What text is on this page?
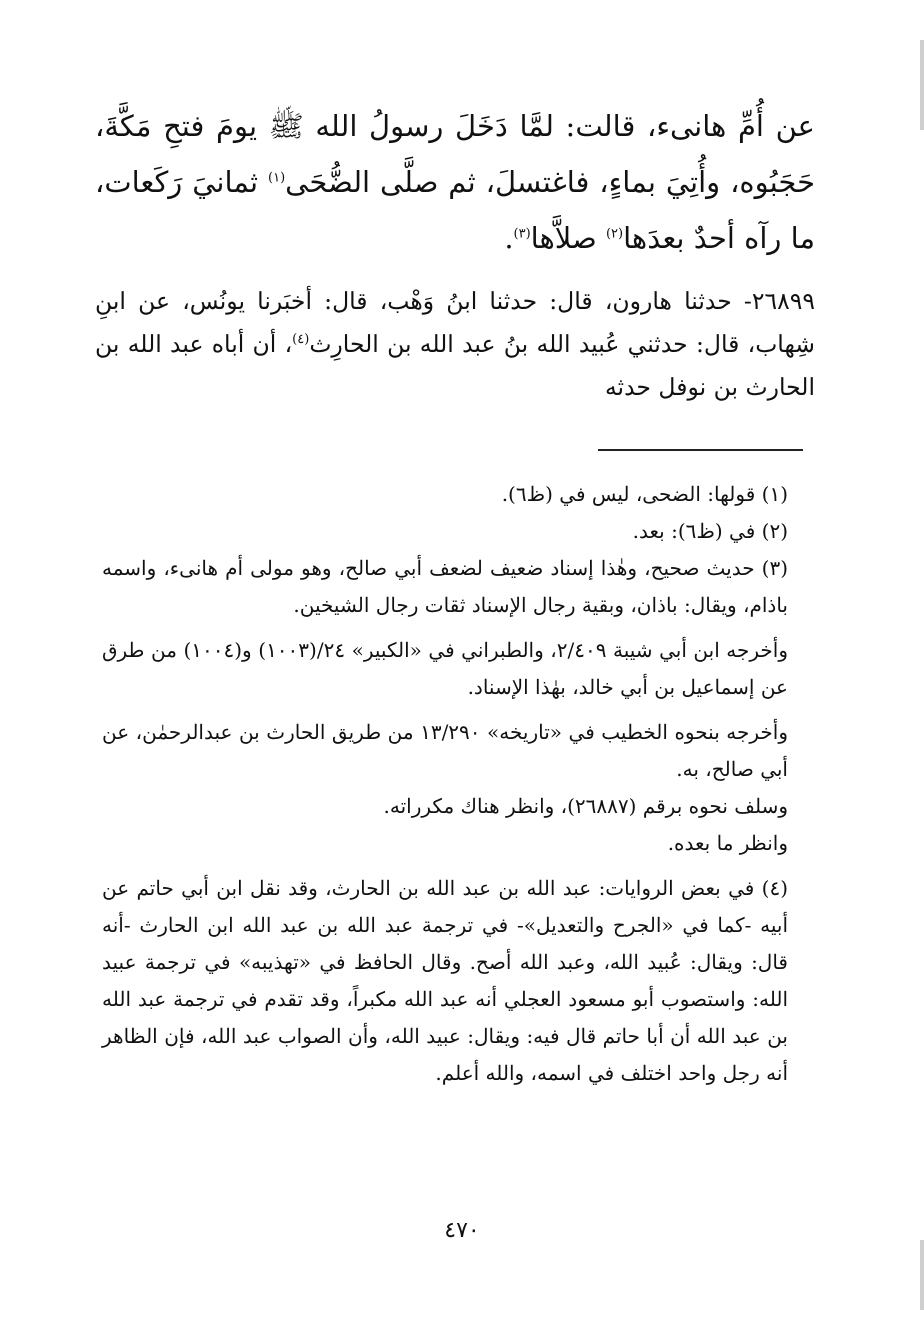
عن أُمِّ هانىء، قالت: لمَّا دَخَلَ رسولُ الله ﷺ يومَ فتحِ مَكَّةَ، حَجَبُوه، وأُتِيَ بماءٍ، فاغتسلَ، ثم صلَّى الضُّحَى$^{(١)}$ ثمانيَ رَكَعات، ما رآه أحدٌ بعدَها$^{(٢)}$ صلاَّها$^{(٣)}$.

٢٦٨٩٩- حدثنا هارون، قال: حدثنا ابنُ وَهْب، قال: أخبَرنا يونُس، عن ابنِ شِهاب، قال: حدثني عُبيد الله بنُ عبد الله بن الحارِث$^{(٤)}$، أن أباه عبد الله بن الحارث بن نوفل حدثه

(١) قولها: الضحى، ليس في (ظ٦).

(٢) في (ظ٦): بعد.

(٣) حديث صحيح، وهٰذا إسناد ضعيف لضعف أبي صالح، وهو مولى أم هانىء، واسمه باذام، ويقال: باذان، وبقية رجال الإسناد ثقات رجال الشيخين.

وأخرجه ابن أبي شيبة ٢/٤٠٩، والطبراني في «الكبير» ٢٤/(١٠٠٣) و(١٠٠٤) من طرق عن إسماعيل بن أبي خالد، بهٰذا الإسناد.

وأخرجه بنحوه الخطيب في «تاريخه» ١٣/٢٩٠ من طريق الحارث بن عبدالرحمٰن، عن أبي صالح، به.

وسلف نحوه برقم (٢٦٨٨٧)، وانظر هناك مكرراته.

وانظر ما بعده.

(٤) في بعض الروايات: عبد الله بن عبد الله بن الحارث، وقد نقل ابن أبي حاتم عن أبيه -كما في «الجرح والتعديل»- في ترجمة عبد الله بن عبد الله ابن الحارث -أنه قال: ويقال: عُبيد الله، وعبد الله أصح. وقال الحافظ في «تهذيبه» في ترجمة عبيد الله: واستصوب أبو مسعود العجلي أنه عبد الله مكبراً، وقد تقدم في ترجمة عبد الله بن عبد الله أن أبا حاتم قال فيه: ويقال: عبيد الله، وأن الصواب عبد الله، فإن الظاهر أنه رجل واحد اختلف في اسمه، والله أعلم.

٤٧٠
